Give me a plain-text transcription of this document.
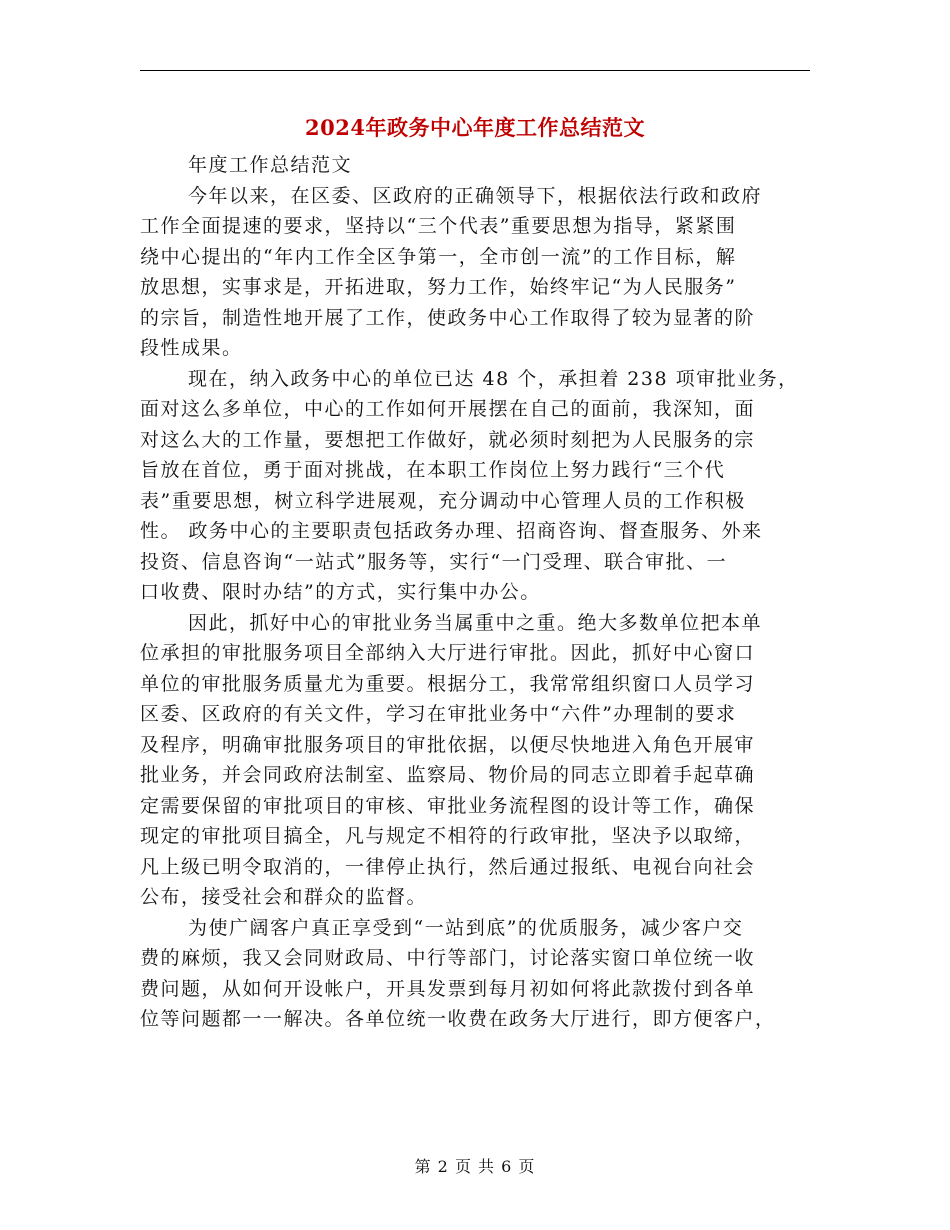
2024年政务中心年度工作总结范文
年度工作总结范文
今年以来，在区委、区政府的正确领导下，根据依法行政和政府
工作全面提速的要求，坚持以“三个代表”重要思想为指导，紧紧围
绕中心提出的“年内工作全区争第一，全市创一流”的工作目标，解
放思想，实事求是，开拓进取，努力工作，始终牢记“为人民服务”
的宗旨，制造性地开展了工作，使政务中心工作取得了较为显著的阶
段性成果。
现在，纳入政务中心的单位已达 48 个，承担着 238 项审批业务，
面对这么多单位，中心的工作如何开展摆在自己的面前，我深知，面
对这么大的工作量，要想把工作做好，就必须时刻把为人民服务的宗
旨放在首位，勇于面对挑战，在本职工作岗位上努力践行“三个代
表”重要思想，树立科学进展观，充分调动中心管理人员的工作积极
性。 政务中心的主要职责包括政务办理、招商咨询、督查服务、外来
投资、信息咨询“一站式”服务等，实行“一门受理、联合审批、一
口收费、限时办结”的方式，实行集中办公。
因此，抓好中心的审批业务当属重中之重。绝大多数单位把本单
位承担的审批服务项目全部纳入大厅进行审批。因此，抓好中心窗口
单位的审批服务质量尤为重要。根据分工，我常常组织窗口人员学习
区委、区政府的有关文件，学习在审批业务中“六件”办理制的要求
及程序，明确审批服务项目的审批依据，以便尽快地进入角色开展审
批业务，并会同政府法制室、监察局、物价局的同志立即着手起草确
定需要保留的审批项目的审核、审批业务流程图的设计等工作，确保
现定的审批项目搞全，凡与规定不相符的行政审批，坚决予以取缔，
凡上级已明令取消的，一律停止执行，然后通过报纸、电视台向社会
公布，接受社会和群众的监督。
为使广阔客户真正享受到“一站到底”的优质服务，减少客户交
费的麻烦，我又会同财政局、中行等部门，讨论落实窗口单位统一收
费问题，从如何开设帐户，开具发票到每月初如何将此款拨付到各单
位等问题都一一解决。各单位统一收费在政务大厅进行，即方便客户，
第 2 页 共 6 页
